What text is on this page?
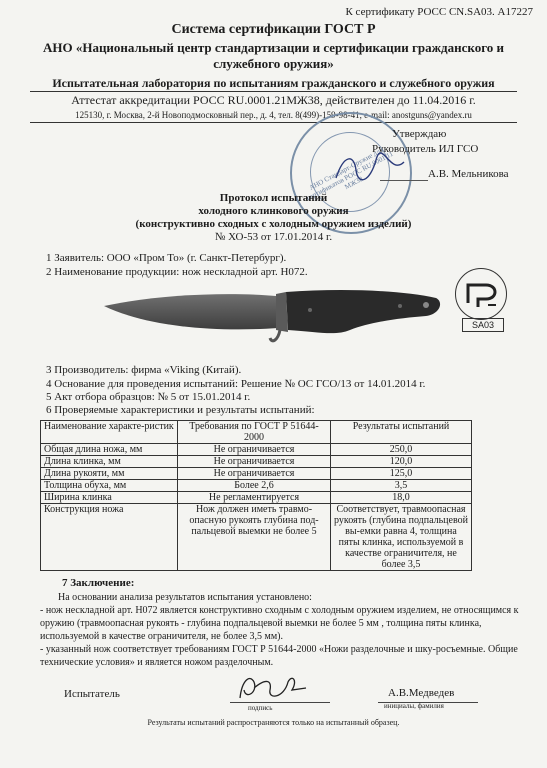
К сертификату РОСС CN.SA03. А17227
Система сертификации ГОСТ Р
АНО «Национальный центр стандартизации и сертификации гражданского и служебного оружия»
Испытательная лаборатория по испытаниям гражданского и служебного оружия
Аттестат аккредитации РОСС RU.0001.21МЖ38, действителен до 11.04.2016 г.
125130, г. Москва, 2-й Новоподмосковный пер., д. 4, тел. 8(499)-159-98-41, e-mail: anostguns@yandex.ru
АНО Стандарт-Оружие для сертификатов РОСС RU.0001.11 МЖ38
Утверждаю
Руководитель ИЛ ГСО
А.В. Мельникова
Протокол испытаний
холодного клинкового оружия
(конструктивно сходных с холодным оружием изделий)
№ ХО-53 от 17.01.2014 г.
1 Заявитель: ООО «Пром То» (г. Санкт-Петербург).
2 Наименование продукции: нож нескладной арт. Н072.
SA03
3 Производитель: фирма «Viking (Китай).
4 Основание для проведения испытаний: Решение № ОС ГСО/13 от 14.01.2014 г.
5 Акт отбора образцов: № 5 от 15.01.2014 г.
6 Проверяемые характеристики и результаты испытаний:
Наименование характе-ристик	Требования по ГОСТ Р 51644-2000	Результаты испытаний
Общая длина ножа, мм	Не ограничивается	250,0
Длина клинка, мм	Не ограничивается	120,0
Длина рукояти, мм	Не ограничивается	125,0
Толщина обуха, мм	Более 2,6	3,5
Ширина клинка	Не регламентируется	18,0
Конструкция ножа	Нож должен иметь травмо-опасную рукоять глубина под-пальцевой выемки не более 5	Соответствует, травмоопасная рукоять (глубина подпальцевой вы-емки равна 4, толщина пяты клинка, используемой в качестве ограничителя, не более 3,5
7 Заключение:
На основании анализа результатов испытания установлено:
- нож нескладной арт. Н072 является конструктивно сходным с холодным оружием изделием, не относящимся к оружию (травмоопасная рукоять - глубина подпальцевой выемки не более 5 мм , толщина пяты клинка, используемой в качестве ограничителя, не более 3,5 мм).
- указанный нож соответствует требованиям ГОСТ Р 51644-2000 «Ножи разделочные и шку-росъемные. Общие технические условия» и является ножом разделочным.
Испытатель	А.В.Медведев
подпись	инициалы, фамилия
Результаты испытаний распространяются только на испытанный образец.
